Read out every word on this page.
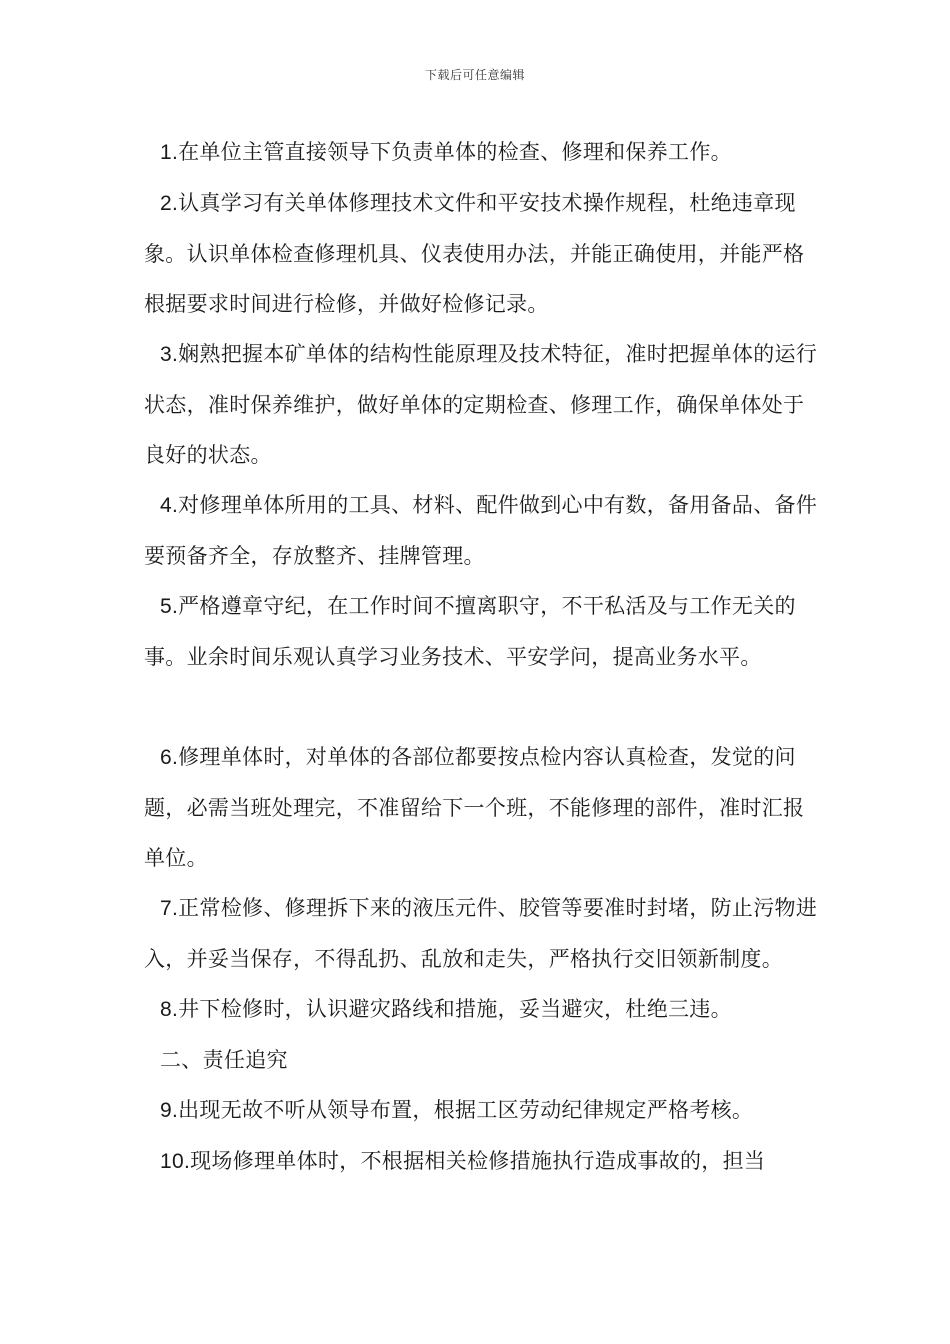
下载后可任意编辑

1.在单位主管直接领导下负责单体的检查、修理和保养工作。

2.认真学习有关单体修理技术文件和平安技术操作规程，杜绝违章现象。认识单体检查修理机具、仪表使用办法，并能正确使用，并能严格根据要求时间进行检修，并做好检修记录。

3.娴熟把握本矿单体的结构性能原理及技术特征，准时把握单体的运行状态，准时保养维护，做好单体的定期检查、修理工作，确保单体处于良好的状态。

4.对修理单体所用的工具、材料、配件做到心中有数，备用备品、备件要预备齐全，存放整齐、挂牌管理。

5.严格遵章守纪，在工作时间不擅离职守，不干私活及与工作无关的事。业余时间乐观认真学习业务技术、平安学问，提高业务水平。

6.修理单体时，对单体的各部位都要按点检内容认真检查，发觉的问题，必需当班处理完，不准留给下一个班，不能修理的部件，准时汇报单位。

7.正常检修、修理拆下来的液压元件、胶管等要准时封堵，防止污物进入，并妥当保存，不得乱扔、乱放和走失，严格执行交旧领新制度。

8.井下检修时，认识避灾路线和措施，妥当避灾，杜绝三违。

二、责任追究

9.出现无故不听从领导布置，根据工区劳动纪律规定严格考核。

10.现场修理单体时，不根据相关检修措施执行造成事故的，担当
